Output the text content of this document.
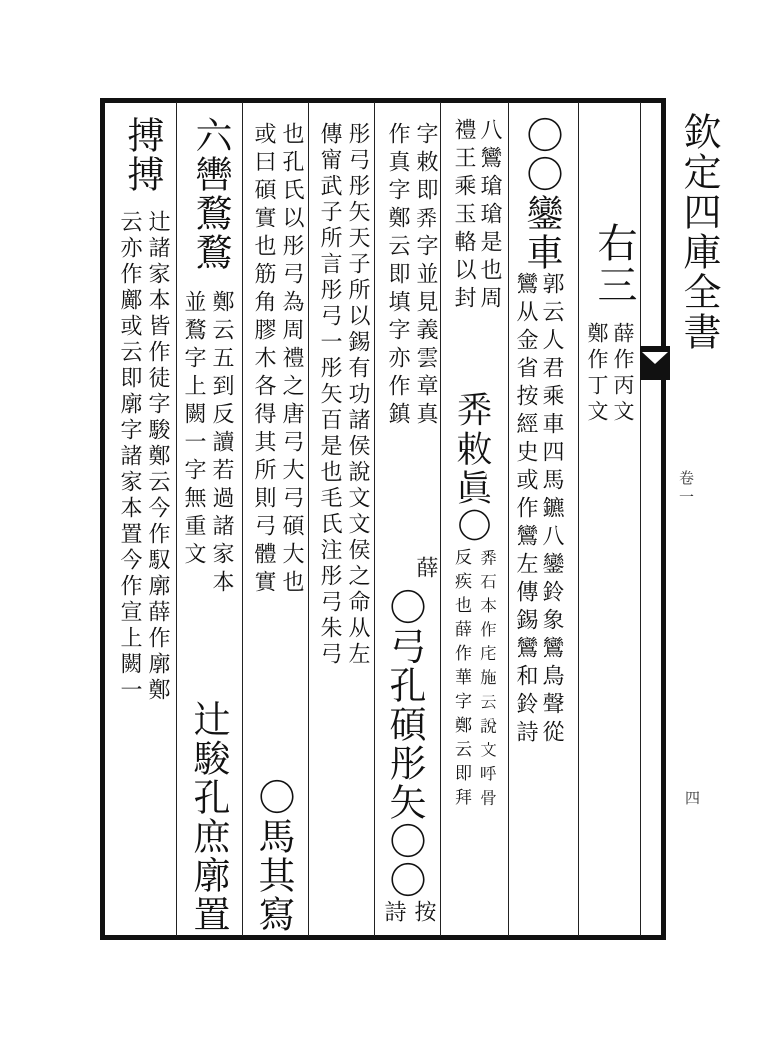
欽定四庫全書
卷一
四
右三
薛作丙文
鄭作丁文
〇〇鑾車
郭云人君乘車四馬鑣八鑾鈴象鸞鳥聲從
鸞从金省按經史或作鸞左傳錫鸞和鈴詩
八鸞瑲瑲是也周
禮王乘玉輅以封
𢍏敕真〇
𢍏石本作㡯施云說文呼骨
反疾也薛作華字鄭云即拜
字敕即𢍏字並見義雲章真
薛
作真字鄭云即填字亦作鎮
〇弓孔碩彤矢〇〇
按
詩
彤弓彤矢天子所以錫有功諸侯說文文侯之命从左
傳甯武子所言彤弓一彤矢百是也毛氏注彤弓朱弓
也孔氏以彤弓為周禮之唐弓大弓碩大也
或曰碩實也筋角膠木各得其所則弓體實
〇馬其寫
六轡鶩鶩
鄭云五到反讀若過諸家本
並鶩字上闕一字無重文
辻駿孔庶廓置
搏搏
辻諸家本皆作徒字駿鄭云今作馭廓薛作廓鄭
云亦作鄺或云即廓字諸家本置今作宣上闕一
